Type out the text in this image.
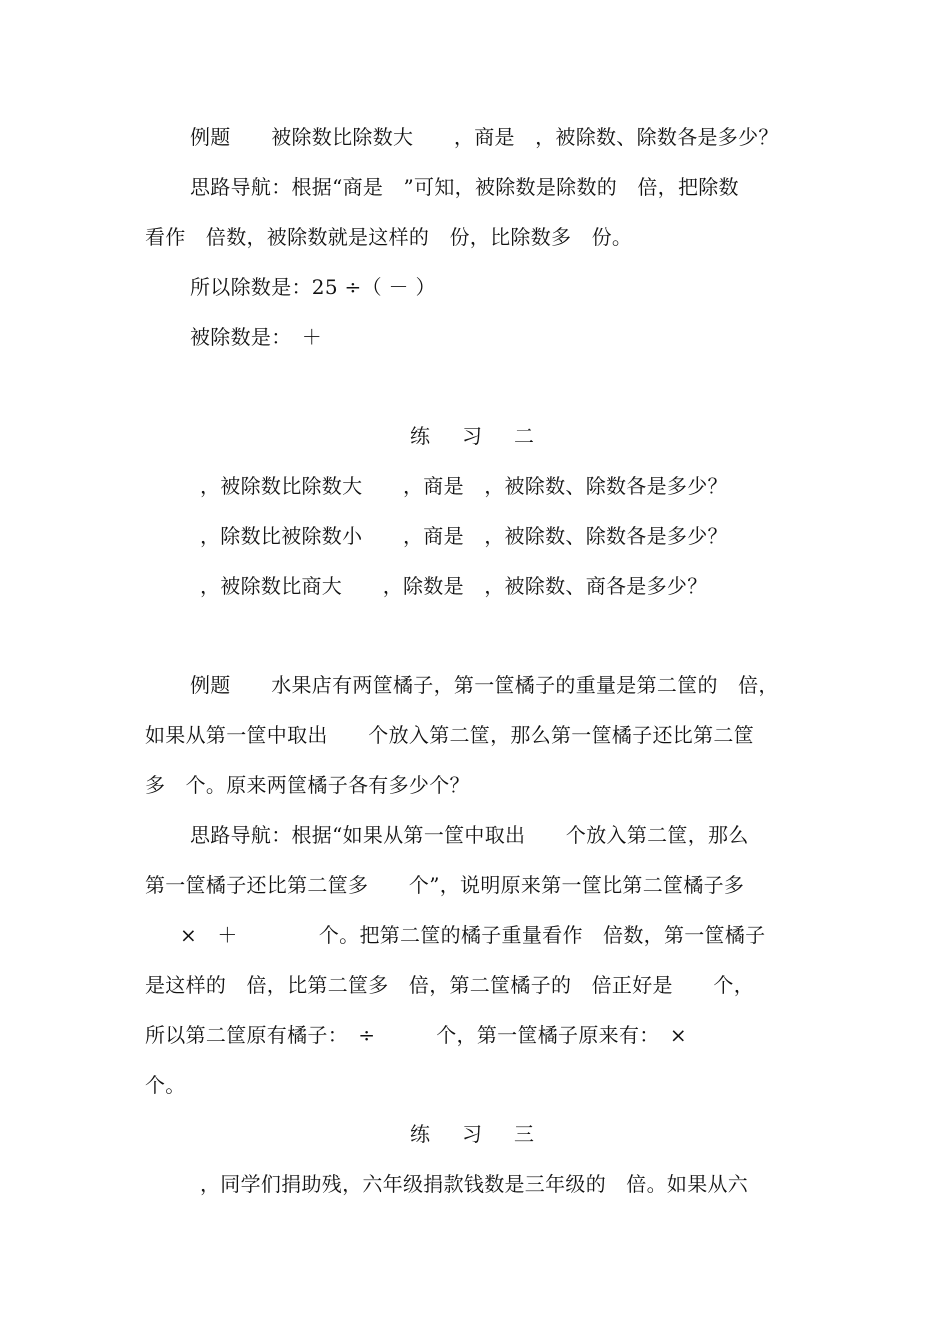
例题　　被除数比除数大　　，商是　，被除数、除数各是多少？
思路导航：根据“商是　”可知，被除数是除数的　倍，把除数
看作　倍数，被除数就是这样的　份，比除数多　份。
所以除数是：25 ÷（ － ）
被除数是：　＋
练　习　二
，被除数比除数大　　，商是　，被除数、除数各是多少？
，除数比被除数小　　，商是　，被除数、除数各是多少？
，被除数比商大　　，除数是　，被除数、商各是多少？
例题　　水果店有两筐橘子，第一筐橘子的重量是第二筐的　倍，
如果从第一筐中取出　　个放入第二筐，那么第一筐橘子还比第二筐
多　个。原来两筐橘子各有多少个？
思路导航：根据“如果从第一筐中取出　　个放入第二筐，那么
第一筐橘子还比第二筐多　　个”，说明原来第一筐比第二筐橘子多
×　＋　　　　个。把第二筐的橘子重量看作　倍数，第一筐橘子
是这样的　倍，比第二筐多　倍，第二筐橘子的　倍正好是　　个，
所以第二筐原有橘子：　÷　　　个，第一筐橘子原来有：　×
个。
练　习　三
，同学们捐助残，六年级捐款钱数是三年级的　倍。如果从六
